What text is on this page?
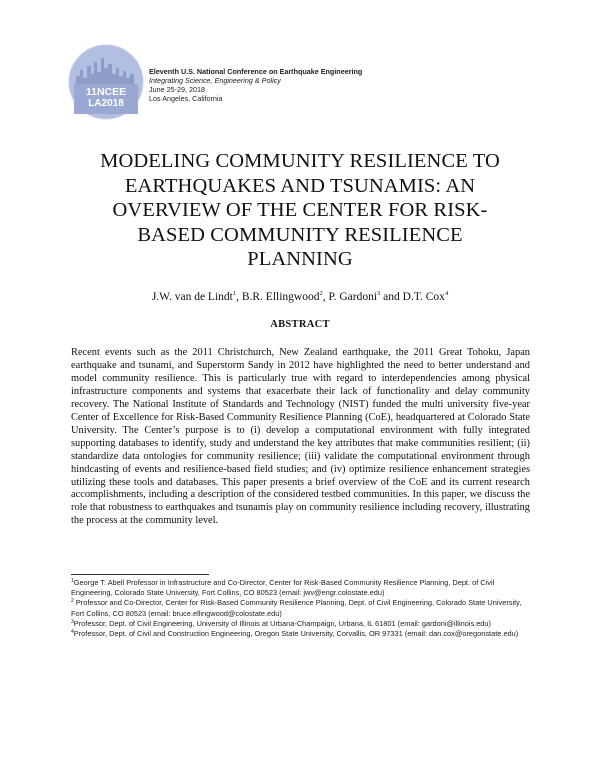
11NCEE
LA2018
Eleventh U.S. National Conference on Earthquake Engineering
Integrating Science, Engineering & Policy
June 25-29, 2018
Los Angeles, California
MODELING COMMUNITY RESILIENCE TO
EARTHQUAKES AND TSUNAMIS: AN
OVERVIEW OF THE CENTER FOR RISK-
BASED COMMUNITY RESILIENCE
PLANNING
J.W. van de Lindt$^1$, B.R. Ellingwood$^2$, P. Gardoni$^3$ and D.T. Cox$^4$
ABSTRACT

Recent events such as the 2011 Christchurch, New Zealand earthquake, the 2011 Great Tohoku, Japan earthquake and tsunami, and Superstorm Sandy in 2012 have highlighted the need to better understand and model community resilience. This is particularly true with regard to interdependencies among physical infrastructure components and systems that exacerbate their lack of functionality and delay community recovery. The National Institute of Standards and Technology (NIST) funded the multi university five-year Center of Excellence for Risk-Based Community Resilience Planning (CoE), headquartered at Colorado State University. The Center’s purpose is to (i) develop a computational environment with fully integrated supporting databases to identify, study and understand the key attributes that make communities resilient; (ii) standardize data ontologies for community resilience; (iii) validate the computational environment through hindcasting of events and resilience-based field studies; and (iv) optimize resilience enhancement strategies utilizing these tools and databases. This paper presents a brief overview of the CoE and its current research accomplishments, including a description of the considered testbed communities. In this paper, we discuss the role that robustness to earthquakes and tsunamis play on community resilience including recovery, illustrating the process at the community level.

$^1$George T. Abell Professor in Infrastructure and Co-Director, Center for Risk-Based Community Resilience Planning, Dept. of Civil Engineering, Colorado State University, Fort Collins, CO 80523 (email: jwv@engr.colostate.edu)
$^2$ Professor and Co-Director, Center for Risk-Based Community Resilience Planning, Dept. of Civil Engineering, Colorado State University, Fort Collins, CO 80523 (email: bruce.ellingwood@colostate.edu)
$^3$Professor, Dept. of Civil Engineering, University of Illinois at Urbana-Champaign, Urbana, IL 61801 (email: gardoni@illinois.edu)
$^4$Professor, Dept. of Civil and Construction Engineering, Oregon State University, Corvallis, OR 97331 (email: dan.cox@oregonstate.edu)
